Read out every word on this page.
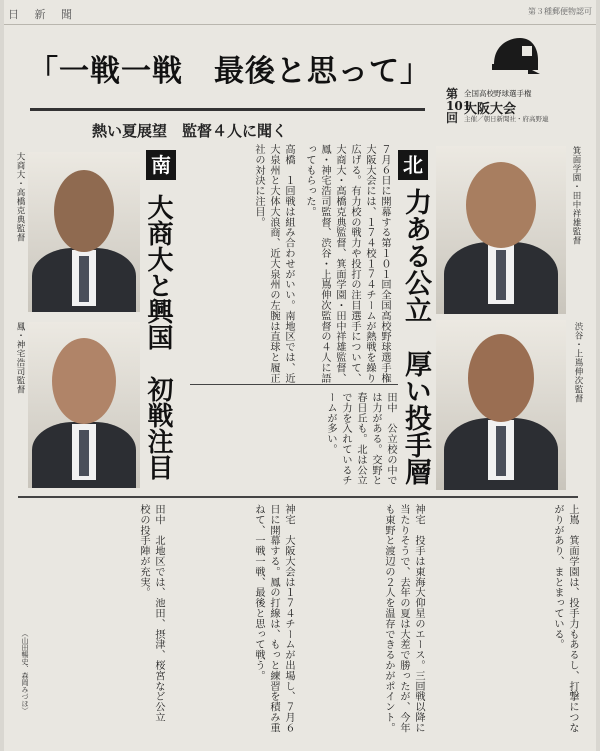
日 新 聞	第３種郵便物認可
「一戦一戦　最後と思って」
熱い夏展望　監督４人に聞く
第101回
全国高校野球選手権
大阪大会
主催／朝日新聞社・府高野連
箕面学園・田中祥雄監督
渋谷・上嶌伸次監督
北
力ある公立　厚い投手層
大商大・高橋克典監督
鳳・神宅浩司監督
南
大商大と興国　初戦注目	７月６日に開幕する第１０１回全国高校野球選手権大阪大会には、１７４校１７４チームが熱戦を繰り広げる。有力校の戦力や投打の注目選手について、大商大・高橋克典監督、箕面学園・田中祥雄監督、鳳・神宅浩司監督、渋谷・上嶌伸次監督の４人に語ってもらった。
高橋　１回戦は組み合わせがいい。南地区では、近大泉州と大体大浪商、近大泉州の左腕は直球と履正社の対決に注目。
田中　公立校の中では力がある。交野と春日丘も。北は公立で力を入れているチームが多い。
上嶌　箕面学園は、投手力もあるし、打撃につながりがあり、まとまっている。
神宅　投手は東海大仰星のエース。三回戦以降に当たりそうで、去年の夏は大差で勝ったが、今年も東野と渡辺の２人を温存できるかがポイント。
神宅　大阪大会は１７４チームが出場し、７月６日に開幕する。鳳の打線は、もっと練習を積み重ねて、一戦一戦、最後と思って戦う。
田中　北地区では、池田、摂津、桜宮など公立校の投手陣が充実。
（山田暢史、森岡みづほ）
